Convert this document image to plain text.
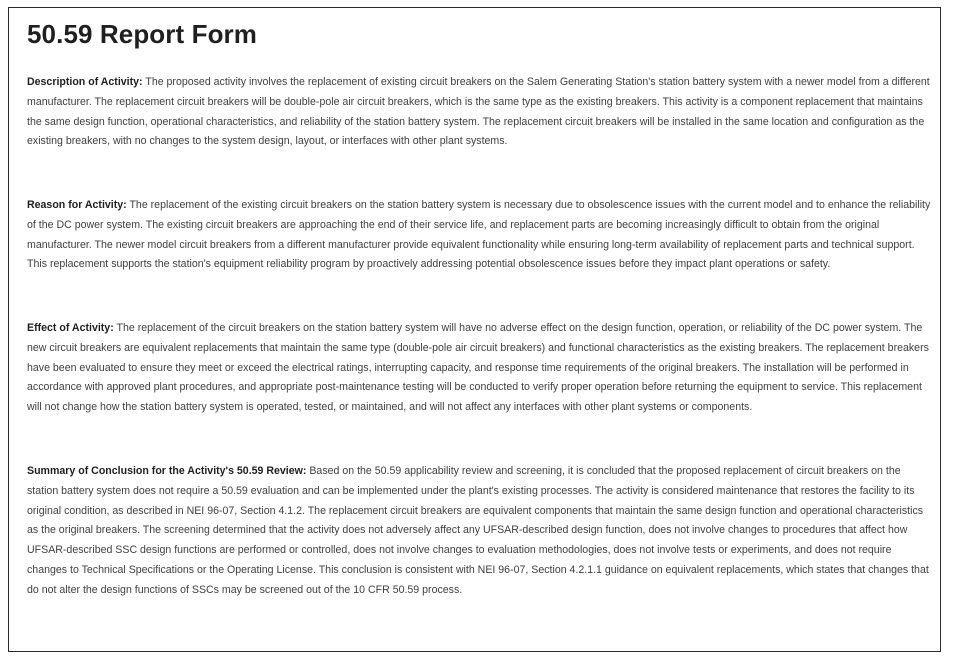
50.59 Report Form

Description of Activity: The proposed activity involves the replacement of existing circuit breakers on the Salem Generating Station's station battery system with a newer model from a different manufacturer. The replacement circuit breakers will be double-pole air circuit breakers, which is the same type as the existing breakers. This activity is a component replacement that maintains the same design function, operational characteristics, and reliability of the station battery system. The replacement circuit breakers will be installed in the same location and configuration as the existing breakers, with no changes to the system design, layout, or interfaces with other plant systems.

Reason for Activity: The replacement of the existing circuit breakers on the station battery system is necessary due to obsolescence issues with the current model and to enhance the reliability of the DC power system. The existing circuit breakers are approaching the end of their service life, and replacement parts are becoming increasingly difficult to obtain from the original manufacturer. The newer model circuit breakers from a different manufacturer provide equivalent functionality while ensuring long-term availability of replacement parts and technical support. This replacement supports the station's equipment reliability program by proactively addressing potential obsolescence issues before they impact plant operations or safety.

Effect of Activity: The replacement of the circuit breakers on the station battery system will have no adverse effect on the design function, operation, or reliability of the DC power system. The new circuit breakers are equivalent replacements that maintain the same type (double-pole air circuit breakers) and functional characteristics as the existing breakers. The replacement breakers have been evaluated to ensure they meet or exceed the electrical ratings, interrupting capacity, and response time requirements of the original breakers. The installation will be performed in accordance with approved plant procedures, and appropriate post-maintenance testing will be conducted to verify proper operation before returning the equipment to service. This replacement will not change how the station battery system is operated, tested, or maintained, and will not affect any interfaces with other plant systems or components.

Summary of Conclusion for the Activity's 50.59 Review: Based on the 50.59 applicability review and screening, it is concluded that the proposed replacement of circuit breakers on the station battery system does not require a 50.59 evaluation and can be implemented under the plant's existing processes. The activity is considered maintenance that restores the facility to its original condition, as described in NEI 96-07, Section 4.1.2. The replacement circuit breakers are equivalent components that maintain the same design function and operational characteristics as the original breakers. The screening determined that the activity does not adversely affect any UFSAR-described design function, does not involve changes to procedures that affect how UFSAR-described SSC design functions are performed or controlled, does not involve changes to evaluation methodologies, does not involve tests or experiments, and does not require changes to Technical Specifications or the Operating License. This conclusion is consistent with NEI 96-07, Section 4.2.1.1 guidance on equivalent replacements, which states that changes that do not alter the design functions of SSCs may be screened out of the 10 CFR 50.59 process.
